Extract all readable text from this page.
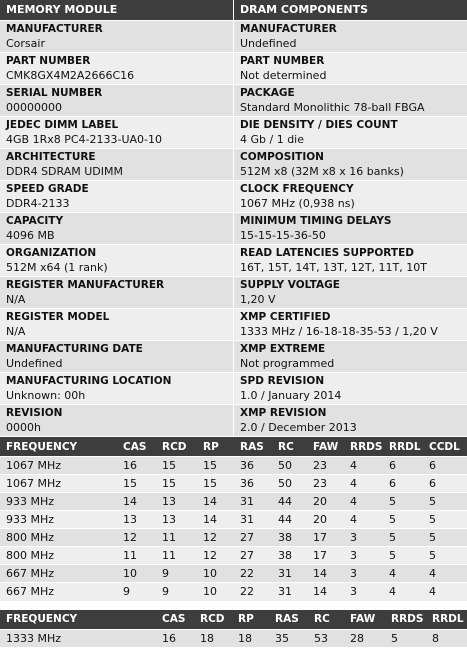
MEMORY MODULE
MANUFACTURER
Corsair
PART NUMBER
CMK8GX4M2A2666C16
SERIAL NUMBER
00000000
JEDEC DIMM LABEL
4GB 1Rx8 PC4-2133-UA0-10
ARCHITECTURE
DDR4 SDRAM UDIMM
SPEED GRADE
DDR4-2133
CAPACITY
4096 MB
ORGANIZATION
512M x64 (1 rank)
REGISTER MANUFACTURER
N/A
REGISTER MODEL
N/A
MANUFACTURING DATE
Undefined
MANUFACTURING LOCATION
Unknown: 00h
REVISION
0000h
DRAM COMPONENTS
MANUFACTURER
Undefined
PART NUMBER
Not determined
PACKAGE
Standard Monolithic 78-ball FBGA
DIE DENSITY / DIES COUNT
4 Gb / 1 die
COMPOSITION
512M x8 (32M x8 x 16 banks)
CLOCK FREQUENCY
1067 MHz (0,938 ns)
MINIMUM TIMING DELAYS
15-15-15-36-50
READ LATENCIES SUPPORTED
16T, 15T, 14T, 13T, 12T, 11T, 10T
SUPPLY VOLTAGE
1,20 V
XMP CERTIFIED
1333 MHz / 16-18-18-35-53 / 1,20 V
XMP EXTREME
Not programmed
SPD REVISION
1.0 / January 2014
XMP REVISION
2.0 / December 2013
FREQUENCY	CAS	RCD	RP	RAS	RC	FAW	RRDS	RRDL	CCDL
1067 MHz	16	15	15	36	50	23	4	6	6
1067 MHz	15	15	15	36	50	23	4	6	6
933 MHz	14	13	14	31	44	20	4	5	5
933 MHz	13	13	14	31	44	20	4	5	5
800 MHz	12	11	12	27	38	17	3	5	5
800 MHz	11	11	12	27	38	17	3	5	5
667 MHz	10	9	10	22	31	14	3	4	4
667 MHz	9	9	10	22	31	14	3	4	4
FREQUENCY	CAS	RCD	RP	RAS	RC	FAW	RRDS	RRDL
1333 MHz	16	18	18	35	53	28	5	8
